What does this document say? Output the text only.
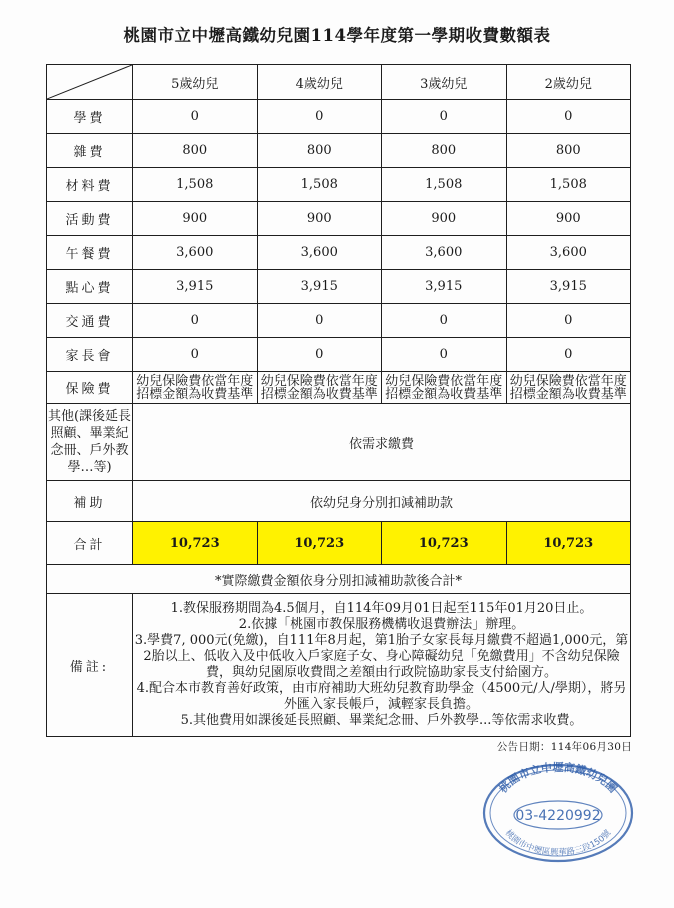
桃園市立中壢高鐵幼兒園114學年度第一學期收費數額表
	5歲幼兒	4歲幼兒	3歲幼兒	2歲幼兒
學費	0	0	0	0
雜費	800	800	800	800
材料費	1,508	1,508	1,508	1,508
活動費	900	900	900	900
午餐費	3,600	3,600	3,600	3,600
點心費	3,915	3,915	3,915	3,915
交通費	0	0	0	0
家長會	0	0	0	0
保險費	幼兒保險費依當年度招標金額為收費基準	幼兒保險費依當年度招標金額為收費基準	幼兒保險費依當年度招標金額為收費基準	幼兒保險費依當年度招標金額為收費基準
其他(課後延長照顧、畢業紀念冊、戶外教學…等)	依需求繳費			
補助	依幼兒身分別扣減補助款			
合計	10,723	10,723	10,723	10,723
*實際繳費金額依身分別扣減補助款後合計*				
備註:	1.教保服務期間為4.5個月，自114年09月01日起至115年01月20日止。
2.依據「桃園市教保服務機構收退費辦法」辦理。
3.學費7, 000元(免繳)，自111年8月起，第1胎子女家長每月繳費不超過1,000元，第2胎以上、低收入及中低收入戶家庭子女、身心障礙幼兒「免繳費用」不含幼兒保險費，與幼兒園原收費間之差額由行政院協助家長支付給園方。
4.配合本市教育善好政策，由市府補助大班幼兒教育助學金（4500元/人/學期），將另外匯入家長帳戶，減輕家長負擔。
5.其他費用如課後延長照顧、畢業紀念冊、戶外教學...等依需求收費。			
公告日期：114年06月30日
桃園市立中壢高鐵幼兒園
03-4220992
桃園市中壢區興華路三段150號
